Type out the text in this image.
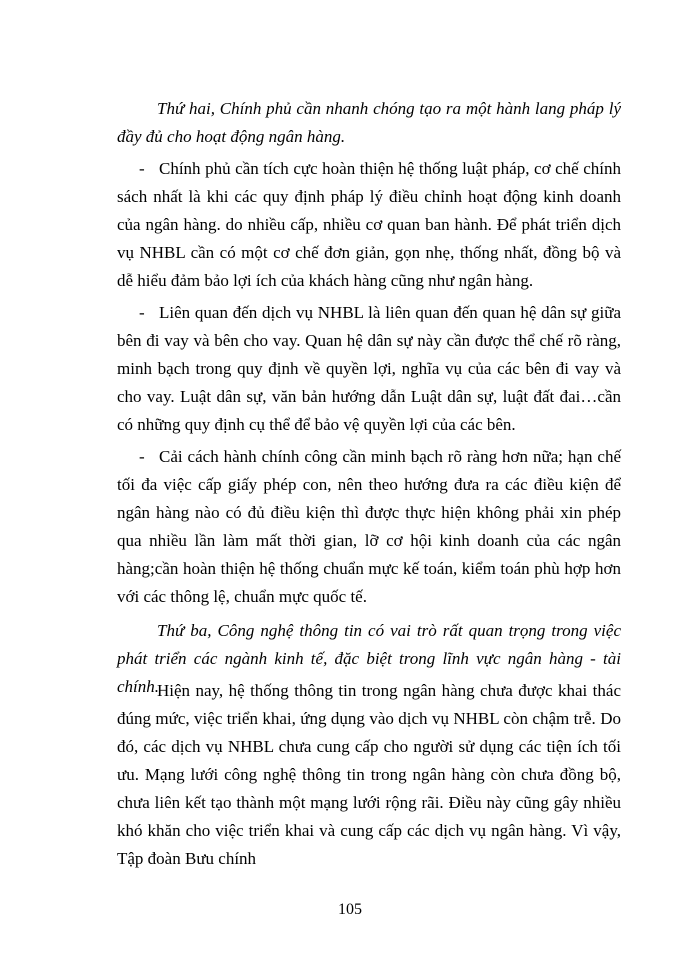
Thứ hai, Chính phủ cần nhanh chóng tạo ra một hành lang pháp lý đầy đủ cho hoạt động ngân hàng.
- Chính phủ cần tích cực hoàn thiện hệ thống luật pháp, cơ chế chính sách nhất là khi các quy định pháp lý điều chỉnh hoạt động kinh doanh của ngân hàng. do nhiều cấp, nhiều cơ quan ban hành. Để phát triển dịch vụ NHBL cần có một cơ chế đơn giản, gọn nhẹ, thống nhất, đồng bộ và dễ hiểu đảm bảo lợi ích của khách hàng cũng như ngân hàng.
- Liên quan đến dịch vụ NHBL là liên quan đến quan hệ dân sự giữa bên đi vay và bên cho vay. Quan hệ dân sự này cần được thể chế rõ ràng, minh bạch trong quy định về quyền lợi, nghĩa vụ của các bên đi vay và cho vay. Luật dân sự, văn bản hướng dẫn Luật dân sự, luật đất đai…cần có những quy định cụ thể để bảo vệ quyền lợi của các bên.
- Cải cách hành chính công cần minh bạch rõ ràng hơn nữa; hạn chế tối đa việc cấp giấy phép con, nên theo hướng đưa ra các điều kiện để ngân hàng nào có đủ điều kiện thì được thực hiện không phải xin phép qua nhiều lần làm mất thời gian, lỡ cơ hội kinh doanh của các ngân hàng;cần hoàn thiện hệ thống chuẩn mực kế toán, kiểm toán phù hợp hơn với các thông lệ, chuẩn mực quốc tế.
Thứ ba, Công nghệ thông tin có vai trò rất quan trọng trong việc phát triển các ngành kinh tế, đặc biệt trong lĩnh vực ngân hàng - tài chính.
Hiện nay, hệ thống thông tin trong ngân hàng chưa được khai thác đúng mức, việc triển khai, ứng dụng vào dịch vụ NHBL còn chậm trễ. Do đó, các dịch vụ NHBL chưa cung cấp cho người sử dụng các tiện ích tối ưu. Mạng lưới công nghệ thông tin trong ngân hàng còn chưa đồng bộ, chưa liên kết tạo thành một mạng lưới rộng rãi. Điều này cũng gây nhiều khó khăn cho việc triển khai và cung cấp các dịch vụ ngân hàng. Vì vậy, Tập đoàn Bưu chính
105
